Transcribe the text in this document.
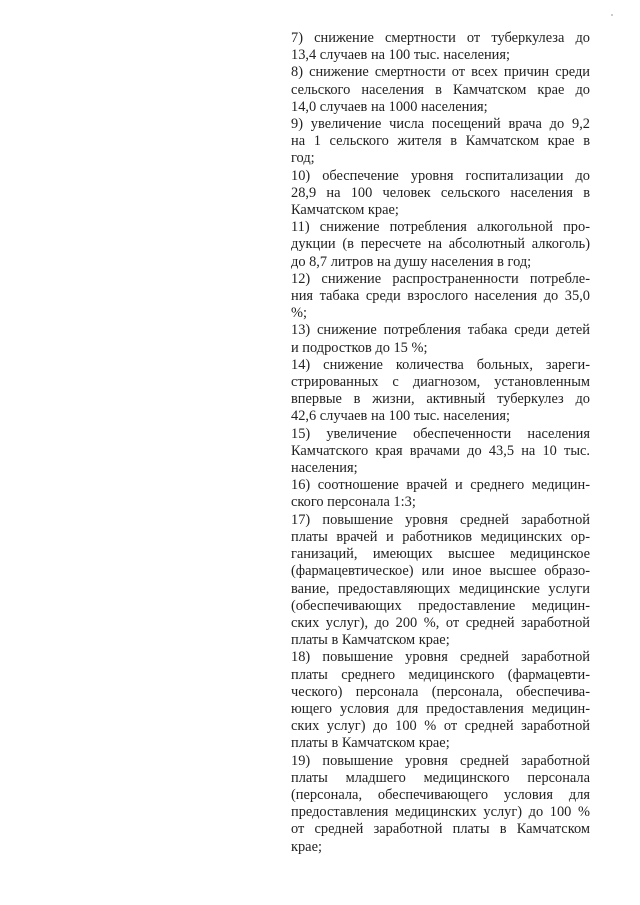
7) снижение смертности от туберкулеза до
13,4 случаев на 100 тыс. населения;
8) снижение смертности от всех причин среди
сельского населения в Камчатском крае до
14,0 случаев на 1000 населения;
9) увеличение числа посещений врача до 9,2
на 1 сельского жителя в Камчатском крае в
год;
10) обеспечение уровня госпитализации до
28,9 на 100 человек сельского населения в
Камчатском крае;
11) снижение потребления алкогольной про-
дукции (в пересчете на абсолютный алкоголь)
до 8,7 литров на душу населения в год;
12) снижение распространенности потребле-
ния табака среди взрослого населения до 35,0
%;
13) снижение потребления табака среди детей
и подростков до 15 %;
14) снижение количества больных, зареги-
стрированных с диагнозом, установленным
впервые в жизни, активный туберкулез до
42,6 случаев на 100 тыс. населения;
15) увеличение обеспеченности населения
Камчатского края врачами до 43,5 на 10 тыс.
населения;
16) соотношение врачей и среднего медицин-
ского персонала 1:3;
17) повышение уровня средней заработной
платы врачей и работников медицинских ор-
ганизаций, имеющих высшее медицинское
(фармацевтическое) или иное высшее образо-
вание, предоставляющих медицинские услуги
(обеспечивающих предоставление медицин-
ских услуг), до 200 %, от средней заработной
платы в Камчатском крае;
18) повышение уровня средней заработной
платы среднего медицинского (фармацевти-
ческого) персонала (персонала, обеспечива-
ющего условия для предоставления медицин-
ских услуг) до 100 % от средней заработной
платы в Камчатском крае;
19) повышение уровня средней заработной
платы младшего медицинского персонала
(персонала, обеспечивающего условия для
предоставления медицинских услуг) до 100 %
от средней заработной платы в Камчатском
крае;
